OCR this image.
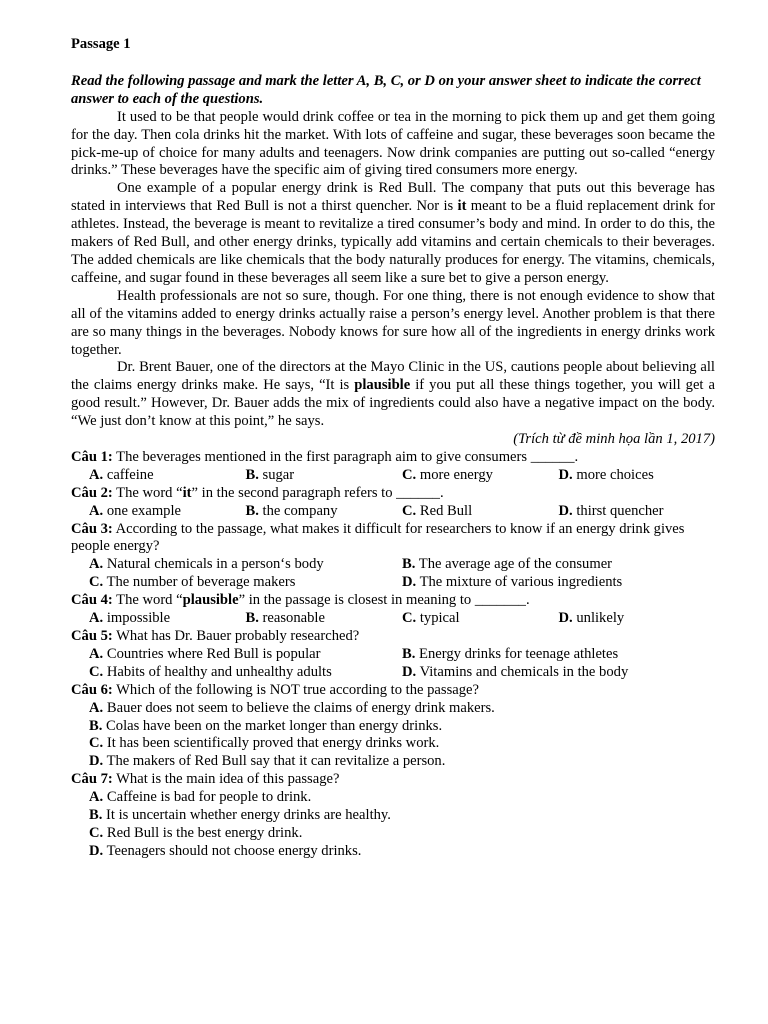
Passage 1

Read the following passage and mark the letter A, B, C, or D on your answer sheet to indicate the correct answer to each of the questions.

It used to be that people would drink coffee or tea in the morning to pick them up and get them going for the day. Then cola drinks hit the market. With lots of caffeine and sugar, these beverages soon became the pick-me-up of choice for many adults and teenagers. Now drink companies are putting out so-called “energy drinks.” These beverages have the specific aim of giving tired consumers more energy.

One example of a popular energy drink is Red Bull. The company that puts out this beverage has stated in interviews that Red Bull is not a thirst quencher. Nor is it meant to be a fluid replacement drink for athletes. Instead, the beverage is meant to revitalize a tired consumer’s body and mind. In order to do this, the makers of Red Bull, and other energy drinks, typically add vitamins and certain chemicals to their beverages. The added chemicals are like chemicals that the body naturally produces for energy. The vitamins, chemicals, caffeine, and sugar found in these beverages all seem like a sure bet to give a person energy.

Health professionals are not so sure, though. For one thing, there is not enough evidence to show that all of the vitamins added to energy drinks actually raise a person’s energy level. Another problem is that there are so many things in the beverages. Nobody knows for sure how all of the ingredients in energy drinks work together.

Dr. Brent Bauer, one of the directors at the Mayo Clinic in the US, cautions people about believing all the claims energy drinks make. He says, “It is plausible if you put all these things together, you will get a good result.” However, Dr. Bauer adds the mix of ingredients could also have a negative impact on the body. “We just don’t know at this point,” he says.

(Trích từ đề minh họa lần 1, 2017)

Câu 1: The beverages mentioned in the first paragraph aim to give consumers ______.

A. caffeine	B. sugar	C. more energy	D. more choices

Câu 2: The word “it” in the second paragraph refers to ______.

A. one example	B. the company	C. Red Bull	D. thirst quencher

Câu 3: According to the passage, what makes it difficult for researchers to know if an energy drink gives people energy?

A. Natural chemicals in a person‘s body	B. The average age of the consumer
C. The number of beverage makers	D. The mixture of various ingredients

Câu 4: The word “plausible” in the passage is closest in meaning to _______.

A. impossible	B. reasonable	C. typical	D. unlikely

Câu 5: What has Dr. Bauer probably researched?

A. Countries where Red Bull is popular	B. Energy drinks for teenage athletes
C. Habits of healthy and unhealthy adults	D. Vitamins and chemicals in the body

Câu 6: Which of the following is NOT true according to the passage?

A. Bauer does not seem to believe the claims of energy drink makers.
B. Colas have been on the market longer than energy drinks.
C. It has been scientifically proved that energy drinks work.
D. The makers of Red Bull say that it can revitalize a person.

Câu 7: What is the main idea of this passage?

A. Caffeine is bad for people to drink.
B. It is uncertain whether energy drinks are healthy.
C. Red Bull is the best energy drink.
D. Teenagers should not choose energy drinks.
